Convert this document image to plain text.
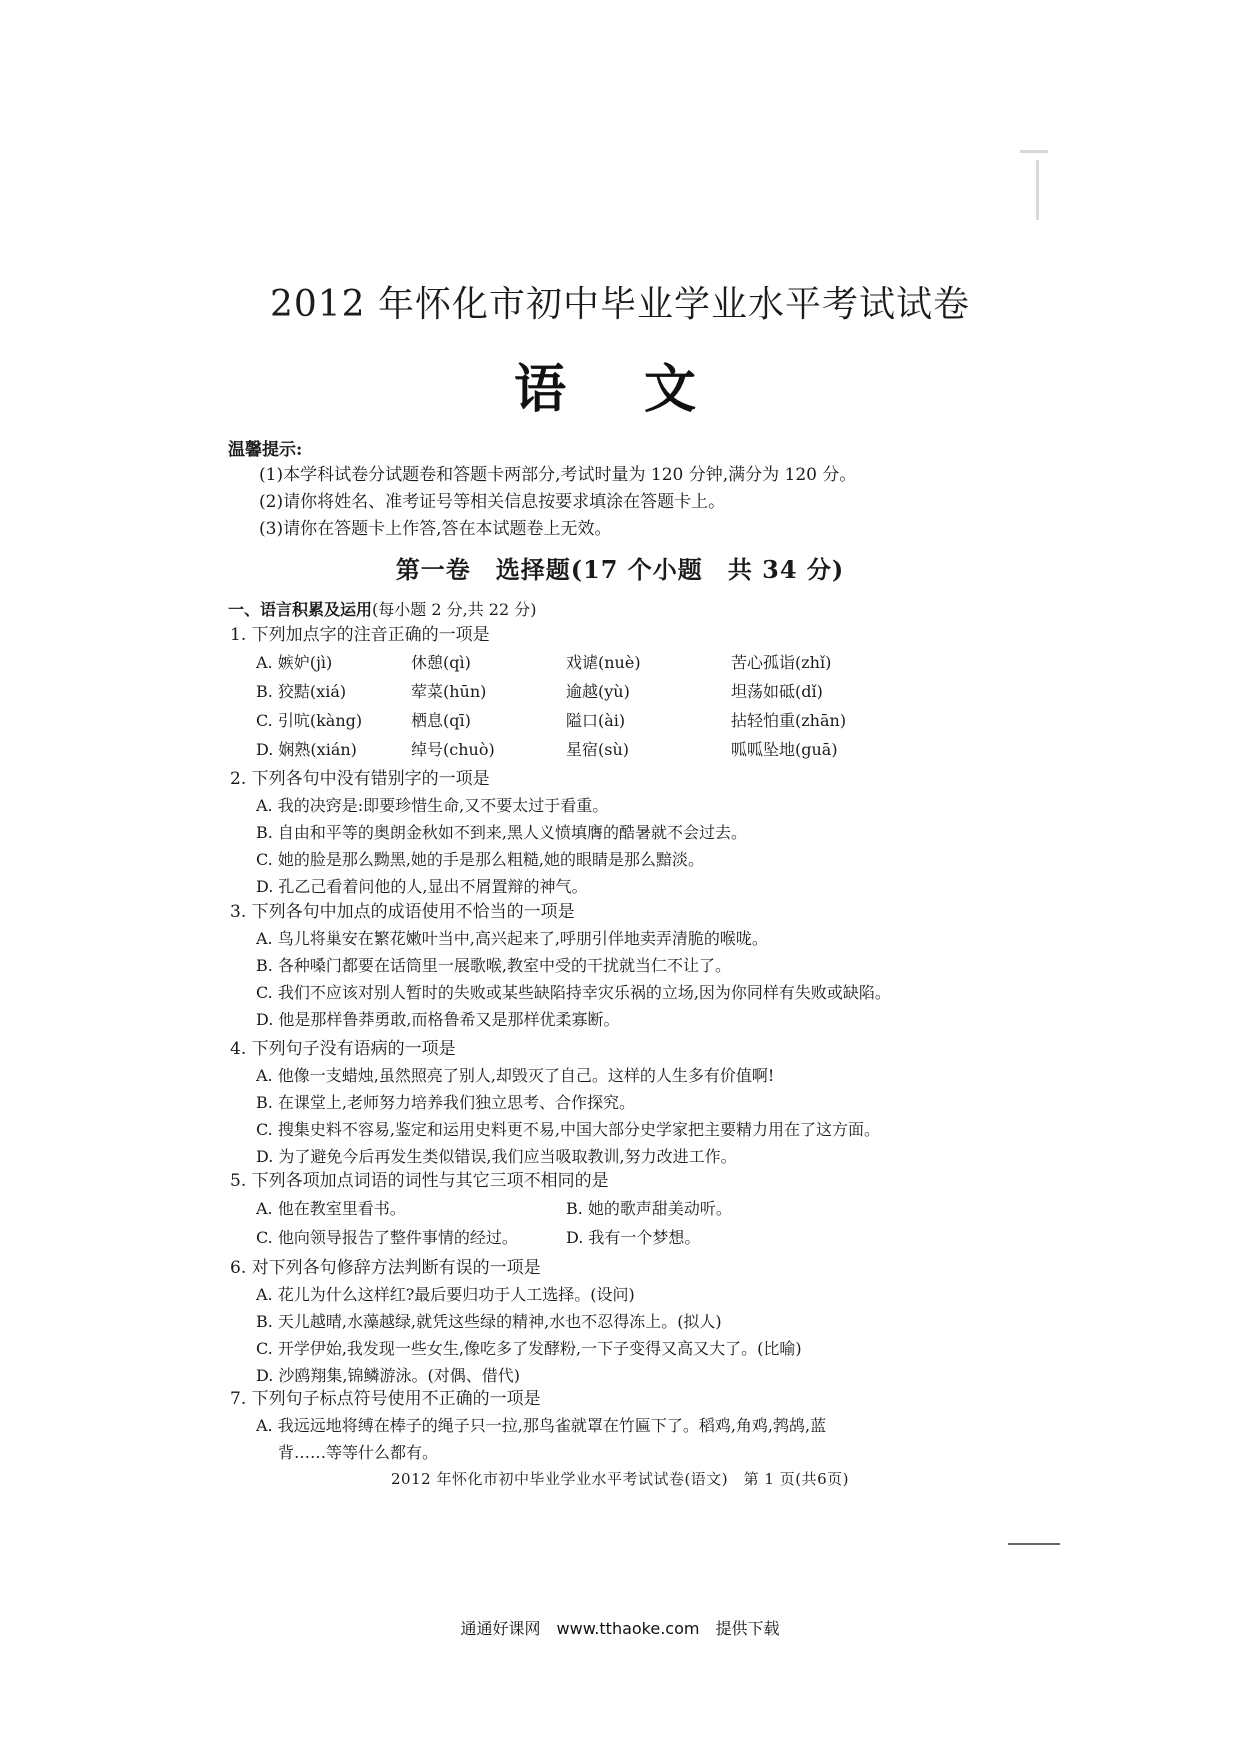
2012 年怀化市初中毕业学业水平考试试卷
语 文
温馨提示:
(1)本学科试卷分试题卷和答题卡两部分,考试时量为 120 分钟,满分为 120 分。
(2)请你将姓名、准考证号等相关信息按要求填涂在答题卡上。
(3)请你在答题卡上作答,答在本试题卷上无效。
第一卷　选择题(17 个小题　共 34 分)
一、语言积累及运用(每小题 2 分,共 22 分)

1. 下列加点字的注音正确的一项是

A. 嫉妒(jì)	休憩(qì)	戏谑(nuè)	苦心孤诣(zhǐ)
B. 狡黠(xiá)	荤菜(hūn)	逾越(yù)	坦荡如砥(dǐ)
C. 引吭(kàng)	栖息(qī)	隘口(ài)	拈轻怕重(zhān)
D. 娴熟(xián)	绰号(chuò)	星宿(sù)	呱呱坠地(guā)

2. 下列各句中没有错别字的一项是

A. 我的决窍是:即要珍惜生命,又不要太过于看重。
B. 自由和平等的奥朗金秋如不到来,黑人义愤填膺的酷暑就不会过去。
C. 她的脸是那么黝黑,她的手是那么粗糙,她的眼睛是那么黯淡。
D. 孔乙己看着问他的人,显出不屑置辩的神气。

3. 下列各句中加点的成语使用不恰当的一项是

A. 鸟儿将巢安在繁花嫩叶当中,高兴起来了,呼朋引伴地卖弄清脆的喉咙。
B. 各种嗓门都要在话筒里一展歌喉,教室中受的干扰就当仁不让了。
C. 我们不应该对别人暂时的失败或某些缺陷持幸灾乐祸的立场,因为你同样有失败或缺陷。
D. 他是那样鲁莽勇敢,而格鲁希又是那样优柔寡断。

4. 下列句子没有语病的一项是

A. 他像一支蜡烛,虽然照亮了别人,却毁灭了自己。这样的人生多有价值啊!
B. 在课堂上,老师努力培养我们独立思考、合作探究。
C. 搜集史料不容易,鉴定和运用史料更不易,中国大部分史学家把主要精力用在了这方面。
D. 为了避免今后再发生类似错误,我们应当吸取教训,努力改进工作。

5. 下列各项加点词语的词性与其它三项不相同的是

A. 他在教室里看书。	B. 她的歌声甜美动听。
C. 他向领导报告了整件事情的经过。	D. 我有一个梦想。

6. 对下列各句修辞方法判断有误的一项是

A. 花儿为什么这样红?最后要归功于人工选择。(设问)
B. 天儿越晴,水藻越绿,就凭这些绿的精神,水也不忍得冻上。(拟人)
C. 开学伊始,我发现一些女生,像吃多了发酵粉,一下子变得又高又大了。(比喻)
D. 沙鸥翔集,锦鳞游泳。(对偶、借代)

7. 下列句子标点符号使用不正确的一项是

A. 我远远地将缚在棒子的绳子只一拉,那鸟雀就罩在竹匾下了。稻鸡,角鸡,鹁鸪,蓝
背……等等什么都有。
2012 年怀化市初中毕业学业水平考试试卷(语文)　第 1 页(共6页)
通通好课网　www.tthaoke.com　提供下载
